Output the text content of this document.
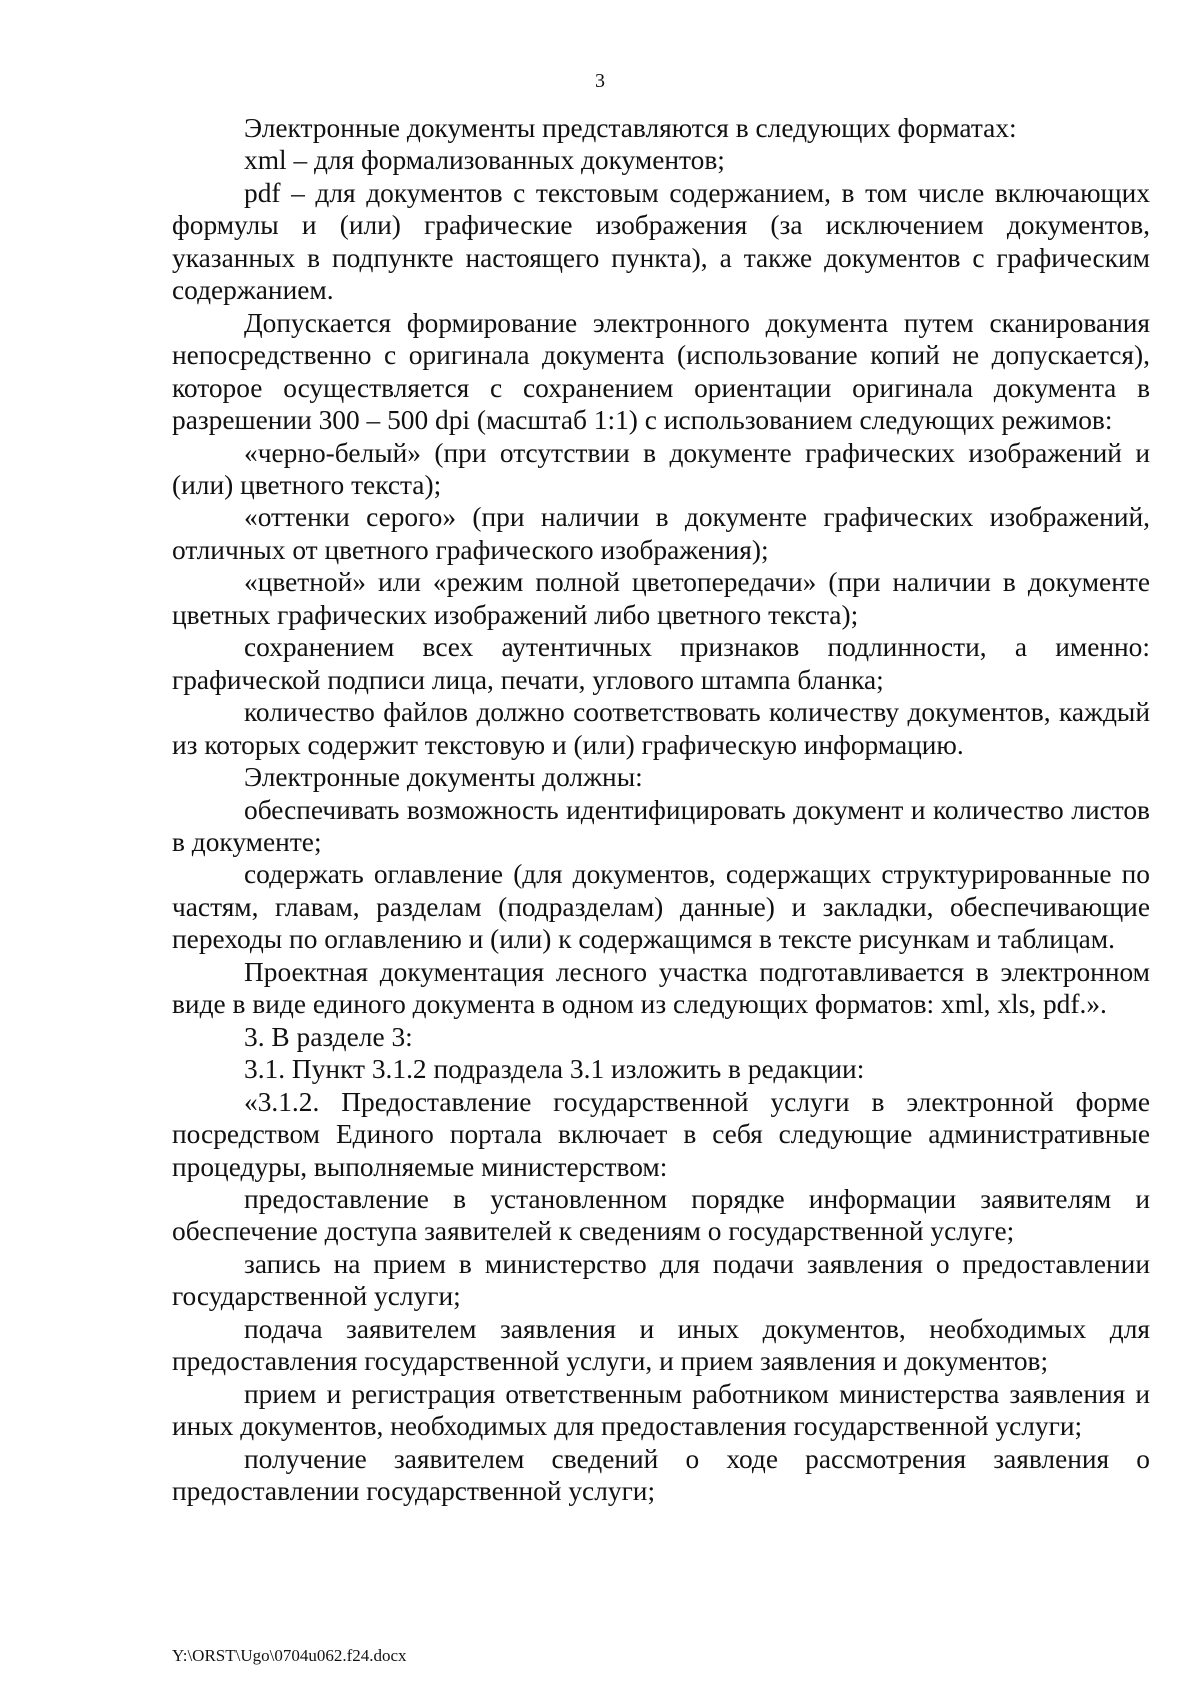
3

Электронные документы представляются в следующих форматах:

xml – для формализованных документов;

pdf – для документов с текстовым содержанием, в том числе включающих формулы и (или) графические изображения (за исключением документов, указанных в подпункте настоящего пункта), а также документов с графическим содержанием.

Допускается формирование электронного документа путем сканирования непосредственно с оригинала документа (использование копий не допускается), которое осуществляется с сохранением ориентации оригинала документа в разрешении 300 – 500 dpi (масштаб 1:1) с использованием следующих режимов:

«черно-белый» (при отсутствии в документе графических изображений и (или) цветного текста);

«оттенки серого» (при наличии в документе графических изображений, отличных от цветного графического изображения);

«цветной» или «режим полной цветопередачи» (при наличии в документе цветных графических изображений либо цветного текста);

сохранением всех аутентичных признаков подлинности, а именно: графической подписи лица, печати, углового штампа бланка;

количество файлов должно соответствовать количеству документов, каждый из которых содержит текстовую и (или) графическую информацию.

Электронные документы должны:

обеспечивать возможность идентифицировать документ и количество листов в документе;

содержать оглавление (для документов, содержащих структурированные по частям, главам, разделам (подразделам) данные) и закладки, обеспечивающие переходы по оглавлению и (или) к содержащимся в тексте рисункам и таблицам.

Проектная документация лесного участка подготавливается в электронном виде в виде единого документа в одном из следующих форматов: xml, xls, pdf.».

3. В разделе 3:

3.1. Пункт 3.1.2 подраздела 3.1 изложить в редакции:

«3.1.2. Предоставление государственной услуги в электронной форме посредством Единого портала включает в себя следующие административные процедуры, выполняемые министерством:

предоставление в установленном порядке информации заявителям и обеспечение доступа заявителей к сведениям о государственной услуге;

запись на прием в министерство для подачи заявления о предоставлении государственной услуги;

подача заявителем заявления и иных документов, необходимых для предоставления государственной услуги, и прием заявления и документов;

прием и регистрация ответственным работником министерства заявления и иных документов, необходимых для предоставления государственной услуги;

получение заявителем сведений о ходе рассмотрения заявления о предоставлении государственной услуги;

Y:\ORST\Ugo\0704u062.f24.docx
